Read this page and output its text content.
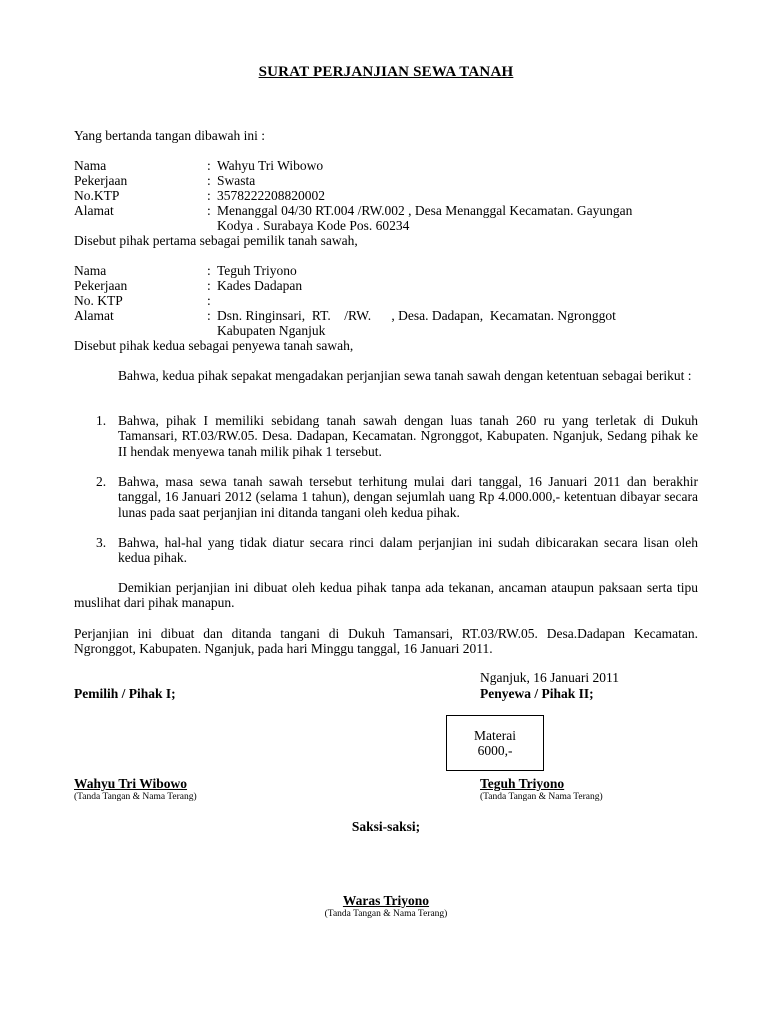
SURAT PERJANJIAN SEWA TANAH
Yang bertanda tangan dibawah ini :
Nama	: Wahyu Tri Wibowo
Pekerjaan	: Swasta
No.KTP	: 3578222208820002
Alamat	: Menanggal 04/30 RT.004 /RW.002 , Desa Menanggal Kecamatan. Gayungan
Kodya . Surabaya Kode Pos. 60234
Disebut pihak pertama sebagai pemilik tanah sawah,
Nama	: Teguh Triyono
Pekerjaan	: Kades Dadapan
No. KTP	:
Alamat	: Dsn. Ringinsari,  RT.    /RW.      , Desa. Dadapan,  Kecamatan. Ngronggot
Kabupaten Nganjuk
Disebut pihak kedua sebagai penyewa tanah sawah,
Bahwa, kedua pihak sepakat mengadakan perjanjian sewa tanah sawah dengan ketentuan sebagai berikut :
1. Bahwa, pihak I memiliki sebidang tanah sawah dengan luas tanah 260 ru yang terletak di Dukuh Tamansari, RT.03/RW.05. Desa. Dadapan, Kecamatan. Ngronggot, Kabupaten. Nganjuk, Sedang pihak ke II hendak menyewa tanah milik pihak 1 tersebut.
2. Bahwa, masa sewa tanah sawah tersebut terhitung mulai dari tanggal, 16 Januari 2011 dan berakhir tanggal, 16 Januari 2012 (selama 1 tahun), dengan sejumlah uang Rp 4.000.000,- ketentuan dibayar secara lunas pada saat perjanjian ini ditanda tangani oleh kedua pihak.
3. Bahwa, hal-hal yang tidak diatur secara rinci dalam perjanjian ini sudah dibicarakan secara lisan oleh kedua pihak.
Demikian perjanjian ini dibuat oleh kedua pihak tanpa ada tekanan, ancaman ataupun paksaan serta tipu muslihat dari pihak manapun.
Perjanjian ini dibuat dan ditanda tangani di Dukuh Tamansari, RT.03/RW.05. Desa.Dadapan Kecamatan. Ngronggot, Kabupaten. Nganjuk, pada hari Minggu tanggal, 16 Januari 2011.
Nganjuk, 16 Januari 2011
Pemilih / Pihak I;	Penyewa / Pihak II;
Materai
6000,-
Wahyu Tri Wibowo
(Tanda Tangan & Nama Terang)
Teguh Triyono
(Tanda Tangan & Nama Terang)
Saksi-saksi;
Waras Triyono
(Tanda Tangan & Nama Terang)
